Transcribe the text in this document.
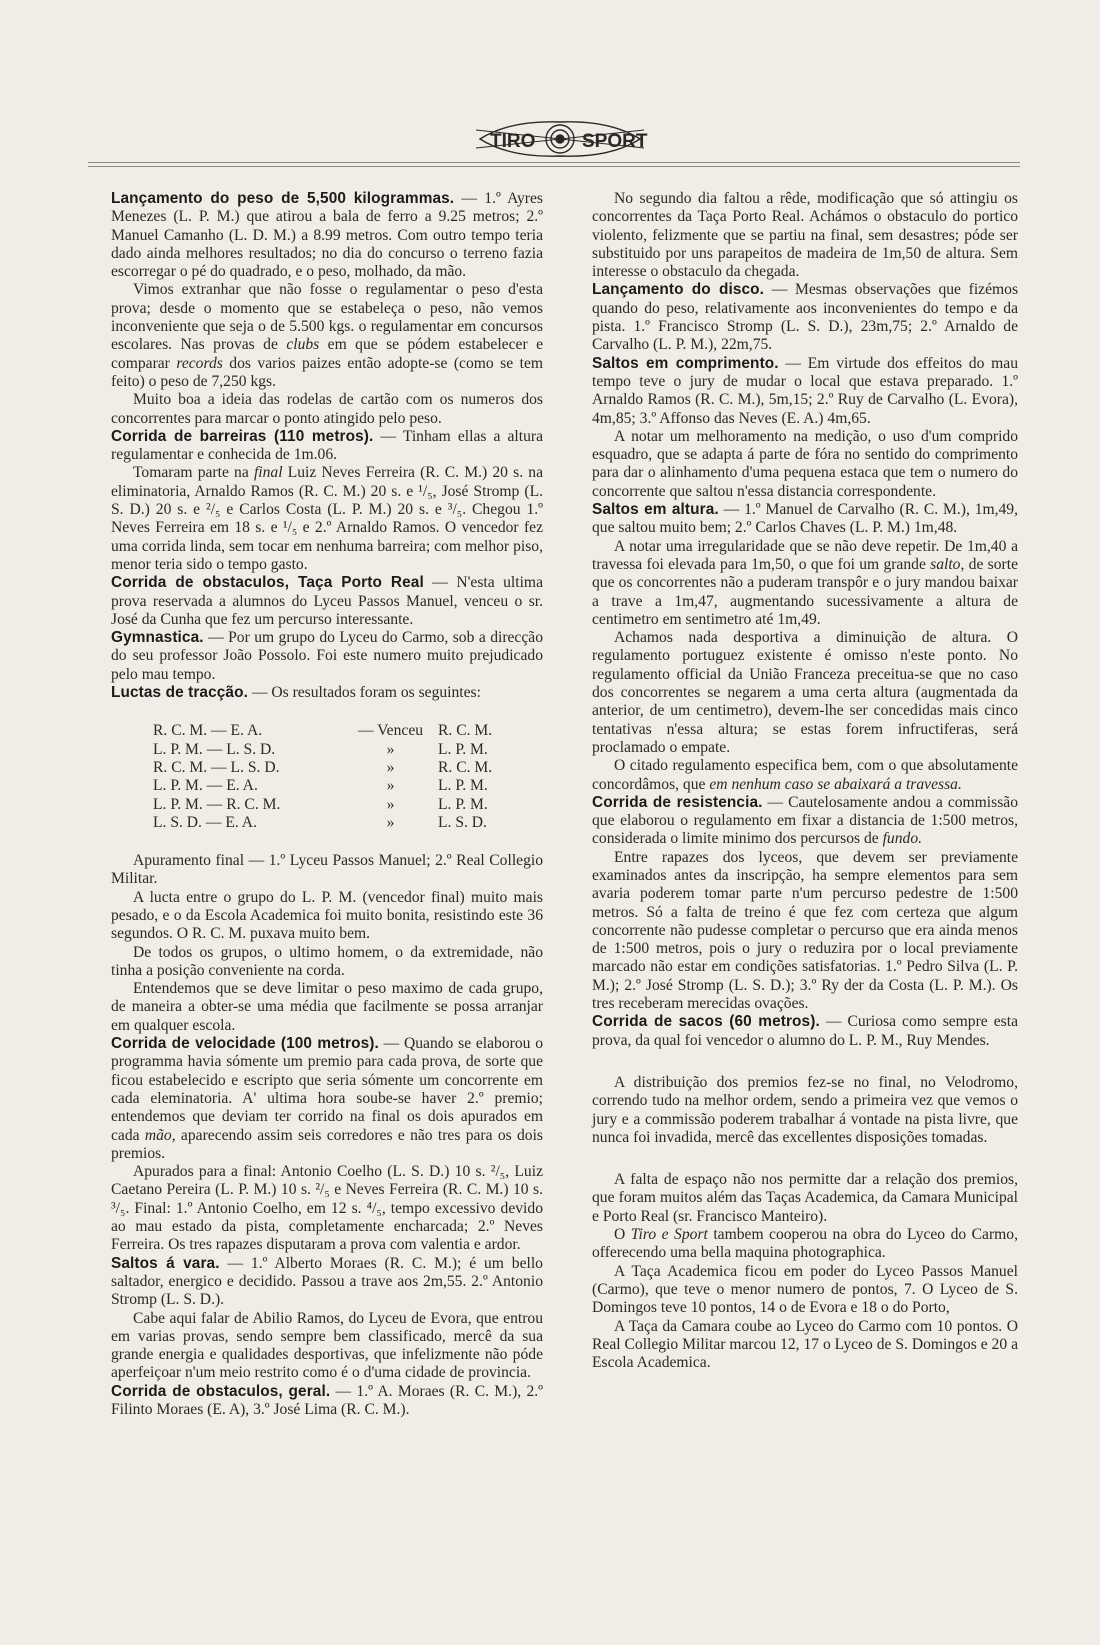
TIRO SPORT

Lançamento do peso de 5,500 kilogrammas. — 1.º Ayres Menezes (L. P. M.) que atirou a bala de ferro a 9.25 metros; 2.º Manuel Camanho (L. D. M.) a 8.99 metros. Com outro tempo teria dado ainda melhores resultados; no dia do concurso o terreno fazia escorregar o pé do quadrado, e o peso, molhado, da mão.

Vimos extranhar que não fosse o regulamentar o peso d'esta prova; desde o momento que se estabeleça o peso, não vemos inconveniente que seja o de 5.500 kgs. o regulamentar em concursos escolares. Nas provas de clubs em que se pódem estabelecer e comparar records dos varios paizes então adopte-se (como se tem feito) o peso de 7,250 kgs.

Muito boa a ideia das rodelas de cartão com os numeros dos concorrentes para marcar o ponto atingido pelo peso.

Corrida de barreiras (110 metros). — Tinham ellas a altura regulamentar e conhecida de 1m.06.

Tomaram parte na final Luiz Neves Ferreira (R. C. M.) 20 s. na eliminatoria, Arnaldo Ramos (R. C. M.) 20 s. e ¹/₅, José Stromp (L. S. D.) 20 s. e ²/₅ e Carlos Costa (L. P. M.) 20 s. e ³/₅. Chegou 1.º Neves Ferreira em 18 s. e ¹/₅ e 2.º Arnaldo Ramos. O vencedor fez uma corrida linda, sem tocar em nenhuma barreira; com melhor piso, menor teria sido o tempo gasto.

Corrida de obstaculos, Taça Porto Real — N'esta ultima prova reservada a alumnos do Lyceu Passos Manuel, venceu o sr. José da Cunha que fez um percurso interessante.

Gymnastica. — Por um grupo do Lyceu do Carmo, sob a direcção do seu professor João Possolo. Foi este numero muito prejudicado pelo mau tempo.

Luctas de tracção. — Os resultados foram os seguintes:

R. C. M. — E. A.	— Venceu	R. C. M.
L. P. M. — L. S. D.	»	L. P. M.
R. C. M. — L. S. D.	»	R. C. M.
L. P. M. — E. A.	»	L. P. M.
L. P. M. — R. C. M.	»	L. P. M.
L. S. D. — E. A.	»	L. S. D.

Apuramento final — 1.º Lyceu Passos Manuel; 2.º Real Collegio Militar.

A lucta entre o grupo do L. P. M. (vencedor final) muito mais pesado, e o da Escola Academica foi muito bonita, resistindo este 36 segundos. O R. C. M. puxava muito bem.

De todos os grupos, o ultimo homem, o da extremidade, não tinha a posição conveniente na corda.

Entendemos que se deve limitar o peso maximo de cada grupo, de maneira a obter-se uma média que facilmente se possa arranjar em qualquer escola.

Corrida de velocidade (100 metros). — Quando se elaborou o programma havia sómente um premio para cada prova, de sorte que ficou estabelecido e escripto que seria sómente um concorrente em cada eleminatoria. A' ultima hora soube-se haver 2.º premio; entendemos que deviam ter corrido na final os dois apurados em cada mão, aparecendo assim seis corredores e não tres para os dois premios.

Apurados para a final: Antonio Coelho (L. S. D.) 10 s. ²/₅, Luiz Caetano Pereira (L. P. M.) 10 s. ²/₅ e Neves Ferreira (R. C. M.) 10 s. ³/₅. Final: 1.º Antonio Coelho, em 12 s. ⁴/₅, tempo excessivo devido ao mau estado da pista, completamente encharcada; 2.º Neves Ferreira. Os tres rapazes disputaram a prova com valentia e ardor.

Saltos á vara. — 1.º Alberto Moraes (R. C. M.); é um bello saltador, energico e decidido. Passou a trave aos 2m,55. 2.º Antonio Stromp (L. S. D.).

Cabe aqui falar de Abilio Ramos, do Lyceu de Evora, que entrou em varias provas, sendo sempre bem classificado, mercê da sua grande energia e qualidades desportivas, que infelizmente não póde aperfeiçoar n'um meio restrito como é o d'uma cidade de provincia.

Corrida de obstaculos, geral. — 1.º A. Moraes (R. C. M.), 2.º Filinto Moraes (E. A), 3.º José Lima (R. C. M.).

No segundo dia faltou a rêde, modificação que só attingiu os concorrentes da Taça Porto Real. Achámos o obstaculo do portico violento, felizmente que se partiu na final, sem desastres; póde ser substituido por uns parapeitos de madeira de 1m,50 de altura. Sem interesse o obstaculo da chegada.

Lançamento do disco. — Mesmas observações que fizémos quando do peso, relativamente aos inconvenientes do tempo e da pista. 1.º Francisco Stromp (L. S. D.), 23m,75; 2.º Arnaldo de Carvalho (L. P. M.), 22m,75.

Saltos em comprimento. — Em virtude dos effeitos do mau tempo teve o jury de mudar o local que estava preparado. 1.º Arnaldo Ramos (R. C. M.), 5m,15; 2.º Ruy de Carvalho (L. Evora), 4m,85; 3.º Affonso das Neves (E. A.) 4m,65.

A notar um melhoramento na medição, o uso d'um comprido esquadro, que se adapta á parte de fóra no sentido do comprimento para dar o alinhamento d'uma pequena estaca que tem o numero do concorrente que saltou n'essa distancia correspondente.

Saltos em altura. — 1.º Manuel de Carvalho (R. C. M.), 1m,49, que saltou muito bem; 2.º Carlos Chaves (L. P. M.) 1m,48.

A notar uma irregularidade que se não deve repetir. De 1m,40 a travessa foi elevada para 1m,50, o que foi um grande salto, de sorte que os concorrentes não a puderam transpôr e o jury mandou baixar a trave a 1m,47, augmentando sucessivamente a altura de centimetro em sentimetro até 1m,49.

Achamos nada desportiva a diminuição de altura. O regulamento portuguez existente é omisso n'este ponto. No regulamento official da União Franceza preceitua-se que no caso dos concorrentes se negarem a uma certa altura (augmentada da anterior, de um centimetro), devem-lhe ser concedidas mais cinco tentativas n'essa altura; se estas forem infructiferas, será proclamado o empate.

O citado regulamento especifica bem, com o que absolutamente concordâmos, que em nenhum caso se abaixará a travessa.

Corrida de resistencia. — Cautelosamente andou a commissão que elaborou o regulamento em fixar a distancia de 1:500 metros, considerada o limite minimo dos percursos de fundo.

Entre rapazes dos lyceos, que devem ser previamente examinados antes da inscripção, ha sempre elementos para sem avaria poderem tomar parte n'um percurso pedestre de 1:500 metros. Só a falta de treino é que fez com certeza que algum concorrente não pudesse completar o percurso que era ainda menos de 1:500 metros, pois o jury o reduzira por o local previamente marcado não estar em condições satisfatorias. 1.º Pedro Silva (L. P. M.); 2.º José Stromp (L. S. D.); 3.º Ry der da Costa (L. P. M.). Os tres receberam merecidas ovações.

Corrida de sacos (60 metros). — Curiosa como sempre esta prova, da qual foi vencedor o alumno do L. P. M., Ruy Mendes.

A distribuição dos premios fez-se no final, no Velodromo, correndo tudo na melhor ordem, sendo a primeira vez que vemos o jury e a commissão poderem trabalhar á vontade na pista livre, que nunca foi invadida, mercê das excellentes disposições tomadas.

A falta de espaço não nos permitte dar a relação dos premios, que foram muitos além das Taças Academica, da Camara Municipal e Porto Real (sr. Francisco Manteiro).

O Tiro e Sport tambem cooperou na obra do Lyceo do Carmo, offerecendo uma bella maquina photographica.

A Taça Academica ficou em poder do Lyceo Passos Manuel (Carmo), que teve o menor numero de pontos, 7. O Lyceo de S. Domingos teve 10 pontos, 14 o de Evora e 18 o do Porto,

A Taça da Camara coube ao Lyceo do Carmo com 10 pontos. O Real Collegio Militar marcou 12, 17 o Lyceo de S. Domingos e 20 a Escola Academica.
